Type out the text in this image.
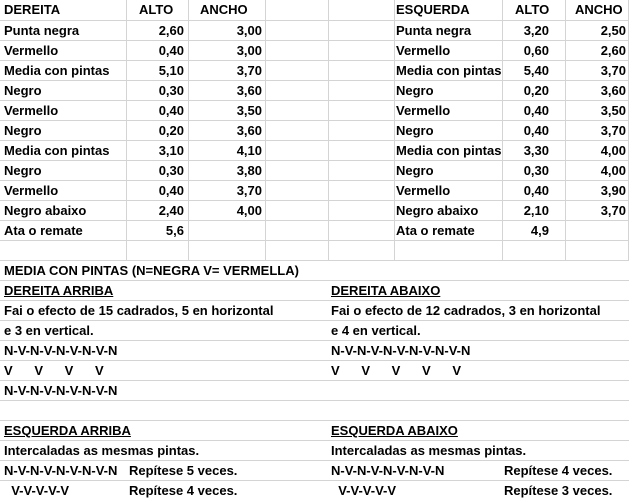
DEREITA	ALTO ANCHO
Punta negra	2,60	3,00
Vermello	0,40	3,00
Media con pintas	5,10	3,70
Negro	0,30	3,60
Vermello	0,40	3,50
Negro	0,20	3,60
Media con pintas	3,10	4,10
Negro	0,30	3,80
Vermello	0,40	3,70
Negro abaixo	2,40	4,00
Ata o remate	5,6
ESQUERDA	ALTO ANCHO
Punta negra	3,20	2,50
Vermello	0,60	2,60
Media con pintas	5,40	3,70
Negro	0,20	3,60
Vermello	0,40	3,50
Negro	0,40	3,70
Media con pintas	3,30	4,00
Negro	0,30	4,00
Vermello	0,40	3,90
Negro abaixo	2,10	3,70
Ata o remate	4,9
MEDIA CON PINTAS (N=NEGRA V= VERMELLA)
DEREITA ARRIBA
Fai o efecto de 15 cadrados, 5 en horizontal
e 3 en vertical.
N-V-N-V-N-V-N-V-N
V      V      V      V
N-V-N-V-N-V-N-V-N
DEREITA ABAIXO
Fai o efecto de 12 cadrados, 3 en horizontal
e 4 en vertical.
N-V-N-V-N-V-N-V-N-V-N
V      V      V      V      V
ESQUERDA ARRIBA
Intercaladas as mesmas pintas.
N-V-N-V-N-V-N-V-N Repítese 5 veces.
V-V-V-V-V	Repítese 4 veces.
ESQUERDA ABAIXO
Intercaladas as mesmas pintas.
N-V-N-V-N-V-N-V-N	Repítese 4 veces.
V-V-V-V-V	Repítese 3 veces.
